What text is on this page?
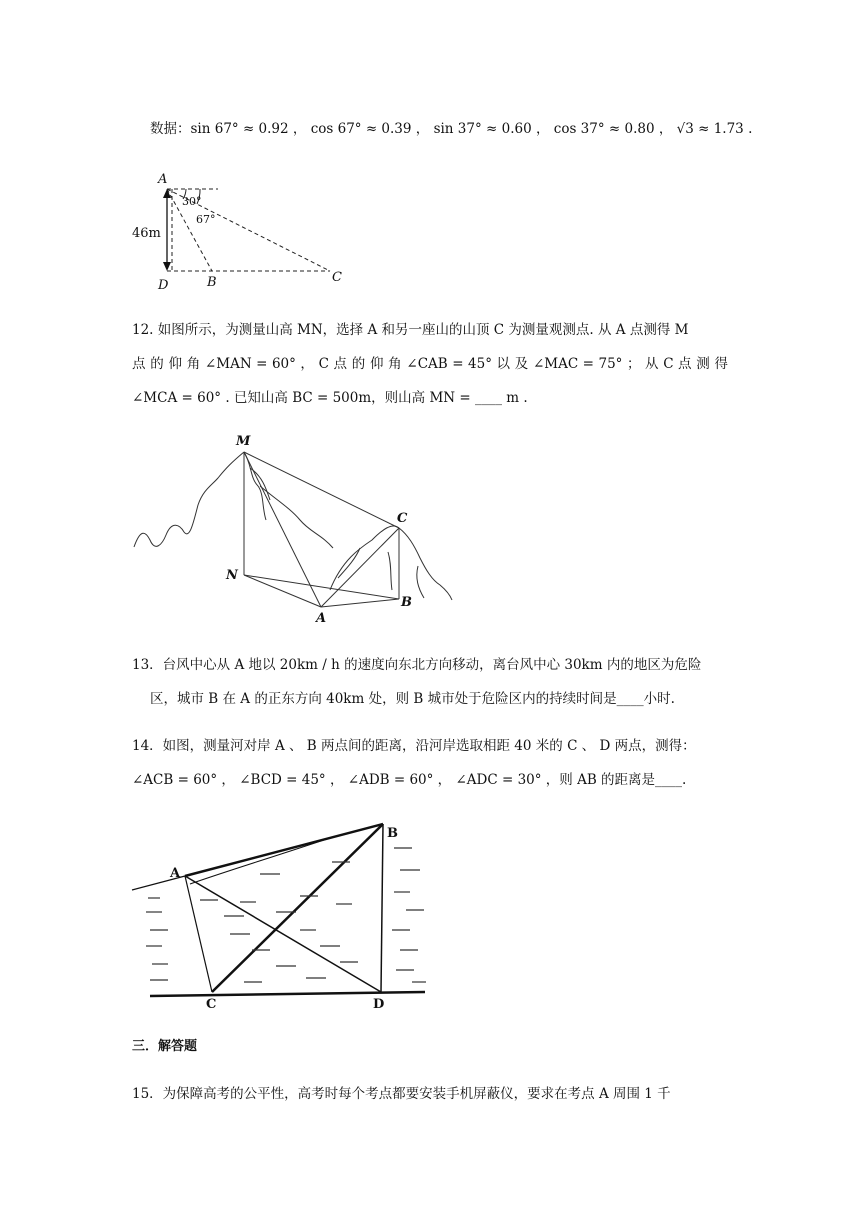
数据：sin 67° ≈ 0.92 ， cos 67° ≈ 0.39 ， sin 37° ≈ 0.60 ， cos 37° ≈ 0.80 ， √3 ≈ 1.73 .
A
30°
67°
46m
D	B	C
12. 如图所示，为测量山高 MN，选择 A 和另一座山的山顶 C 为测量观测点. 从 A 点测得 M
点 的 仰 角 ∠MAN = 60° ， C 点 的 仰 角 ∠CAB = 45° 以 及 ∠MAC = 75° ； 从 C 点 测 得
∠MCA = 60° . 已知山高 BC = 500m，则山高 MN = ____ m .
M
C
N
B
A
13．台风中心从 A 地以 20km / h 的速度向东北方向移动，离台风中心 30km 内的地区为危险
区，城市 B 在 A 的正东方向 40km 处，则 B 城市处于危险区内的持续时间是____小时.
14．如图，测量河对岸 A 、 B 两点间的距离，沿河岸选取相距 40 米的 C 、 D 两点，测得：
∠ACB = 60° ， ∠BCD = 45° ， ∠ADB = 60° ， ∠ADC = 30° ，则 AB 的距离是____.
A
B
C	D
三．解答题
15．为保障高考的公平性，高考时每个考点都要安装手机屏蔽仪，要求在考点 A 周围 1 千
